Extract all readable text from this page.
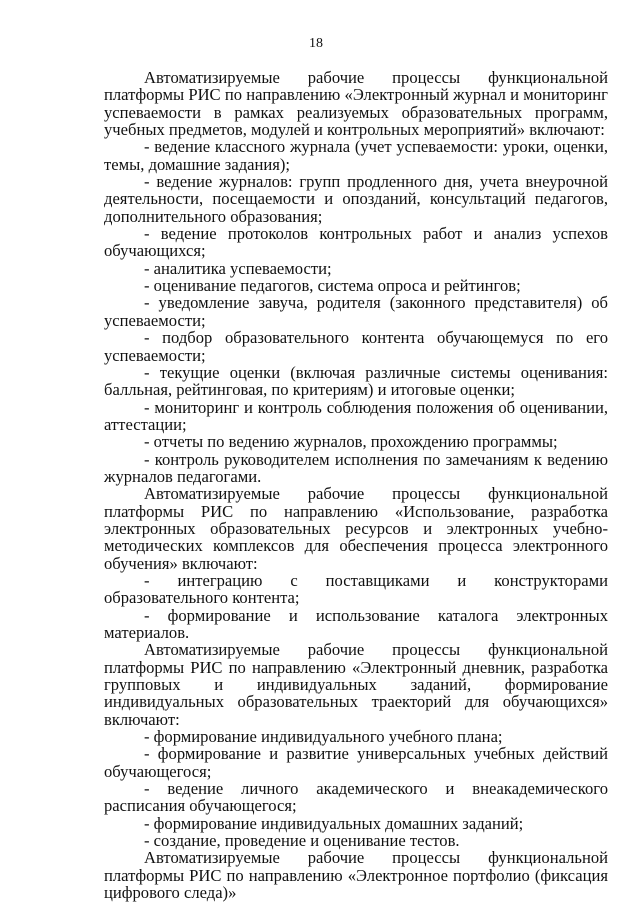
18

Автоматизируемые рабочие процессы функциональной платформы РИС по направлению «Электронный журнал и мониторинг успеваемости в рамках реализуемых образовательных программ, учебных предметов, модулей и контрольных мероприятий» включают:

- ведение классного журнала (учет успеваемости: уроки, оценки, темы, домашние задания);

- ведение журналов: групп продленного дня, учета внеурочной деятельности, посещаемости и опозданий, консультаций педагогов, дополнительного образования;

- ведение протоколов контрольных работ и анализ успехов обучающихся;

- аналитика успеваемости;

- оценивание педагогов, система опроса и рейтингов;

- уведомление завуча, родителя (законного представителя) об успеваемости;

- подбор образовательного контента обучающемуся по его успеваемости;

- текущие оценки (включая различные системы оценивания: балльная, рейтинговая, по критериям) и итоговые оценки;

- мониторинг и контроль соблюдения положения об оценивании, аттестации;

- отчеты по ведению журналов, прохождению программы;

- контроль руководителем исполнения по замечаниям к ведению журналов педагогами.

Автоматизируемые рабочие процессы функциональной платформы РИС по направлению «Использование, разработка электронных образовательных ресурсов и электронных учебно-методических комплексов для обеспечения процесса электронного обучения» включают:

- интеграцию с поставщиками и конструкторами образовательного контента;

- формирование и использование каталога электронных материалов.

Автоматизируемые рабочие процессы функциональной платформы РИС по направлению «Электронный дневник, разработка групповых и индивидуальных заданий, формирование индивидуальных образовательных траекторий для обучающихся» включают:

- формирование индивидуального учебного плана;

- формирование и развитие универсальных учебных действий обучающегося;

- ведение личного академического и внеакадемического расписания обучающегося;

- формирование индивидуальных домашних заданий;

- создание, проведение и оценивание тестов.

Автоматизируемые рабочие процессы функциональной платформы РИС по направлению «Электронное портфолио (фиксация цифрового следа)»
